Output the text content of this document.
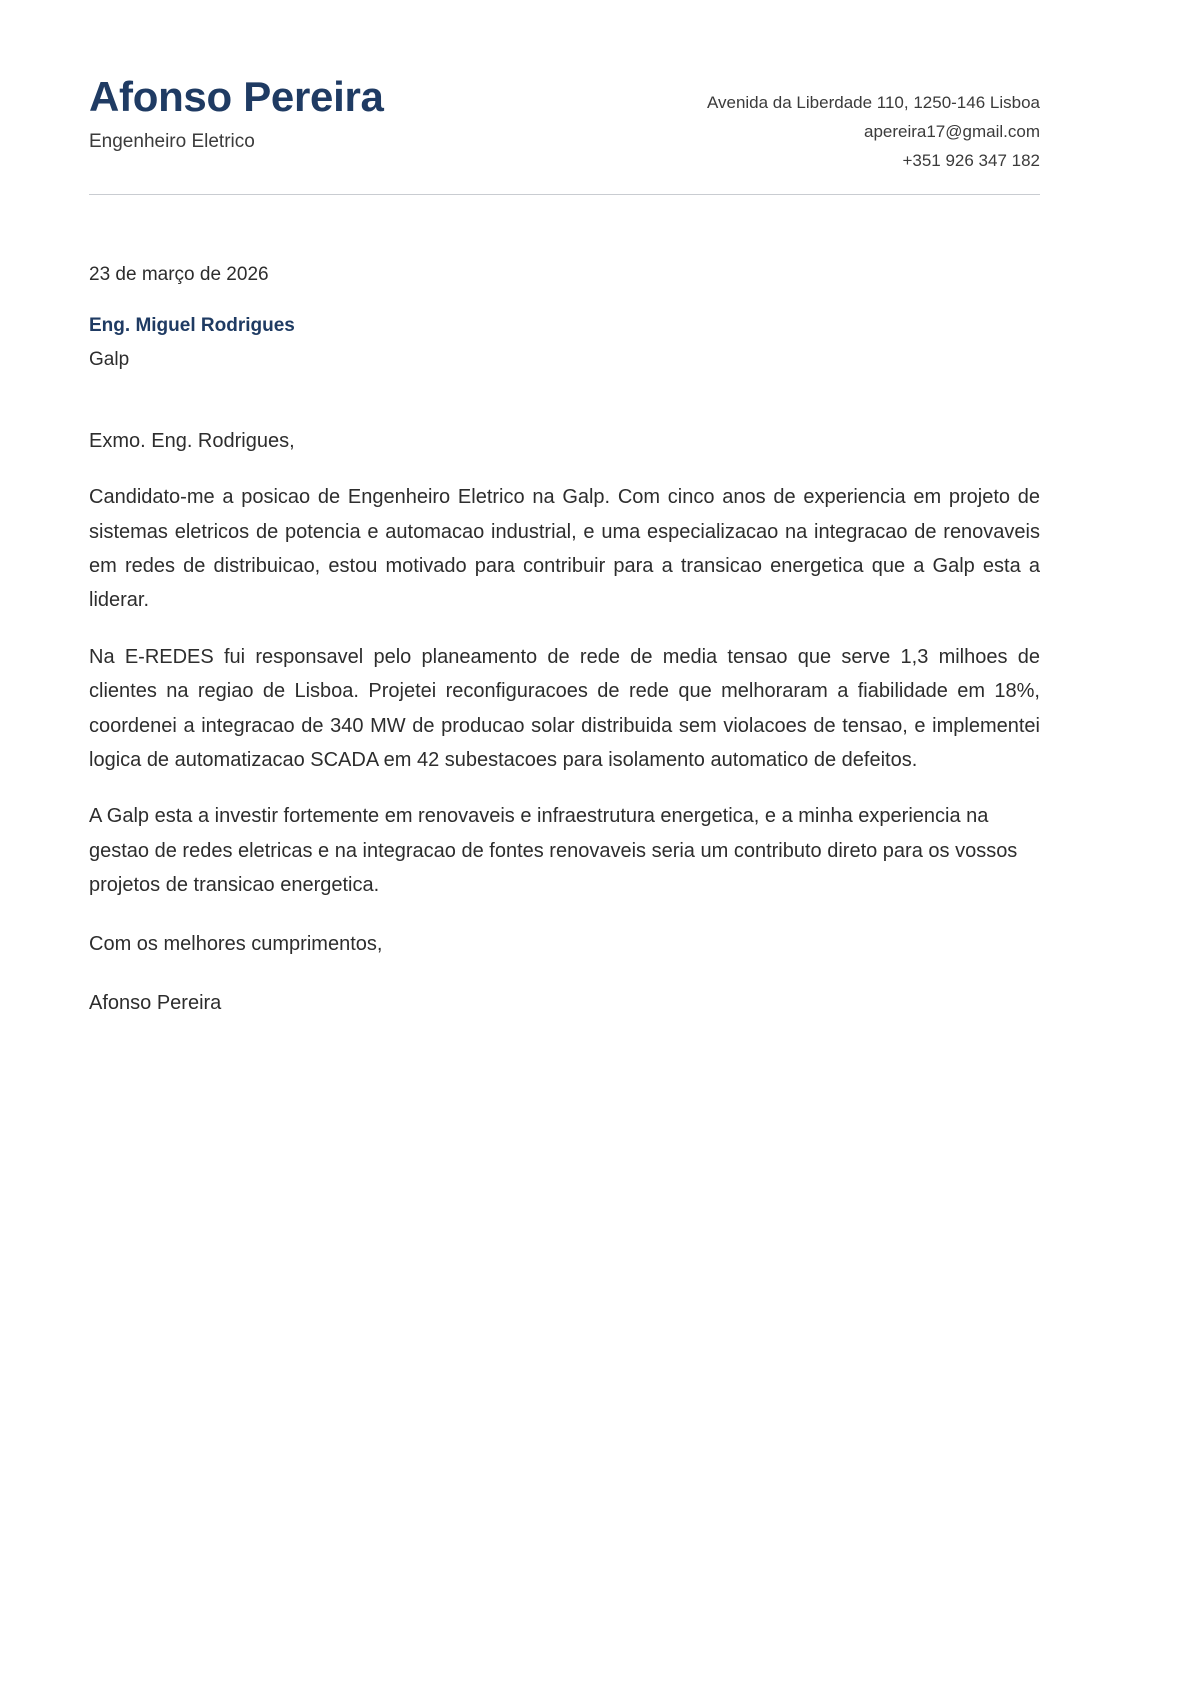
Afonso Pereira
Engenheiro Eletrico
Avenida da Liberdade 110, 1250-146 Lisboa
apereira17@gmail.com
+351 926 347 182
23 de março de 2026
Eng. Miguel Rodrigues
Galp
Exmo. Eng. Rodrigues,

Candidato-me a posicao de Engenheiro Eletrico na Galp. Com cinco anos de experiencia em projeto de sistemas eletricos de potencia e automacao industrial, e uma especializacao na integracao de renovaveis em redes de distribuicao, estou motivado para contribuir para a transicao energetica que a Galp esta a liderar.

Na E-REDES fui responsavel pelo planeamento de rede de media tensao que serve 1,3 milhoes de clientes na regiao de Lisboa. Projetei reconfiguracoes de rede que melhoraram a fiabilidade em 18%, coordenei a integracao de 340 MW de producao solar distribuida sem violacoes de tensao, e implementei logica de automatizacao SCADA em 42 subestacoes para isolamento automatico de defeitos.

A Galp esta a investir fortemente em renovaveis e infraestrutura energetica, e a minha experiencia na gestao de redes eletricas e na integracao de fontes renovaveis seria um contributo direto para os vossos projetos de transicao energetica.

Com os melhores cumprimentos,
Afonso Pereira
